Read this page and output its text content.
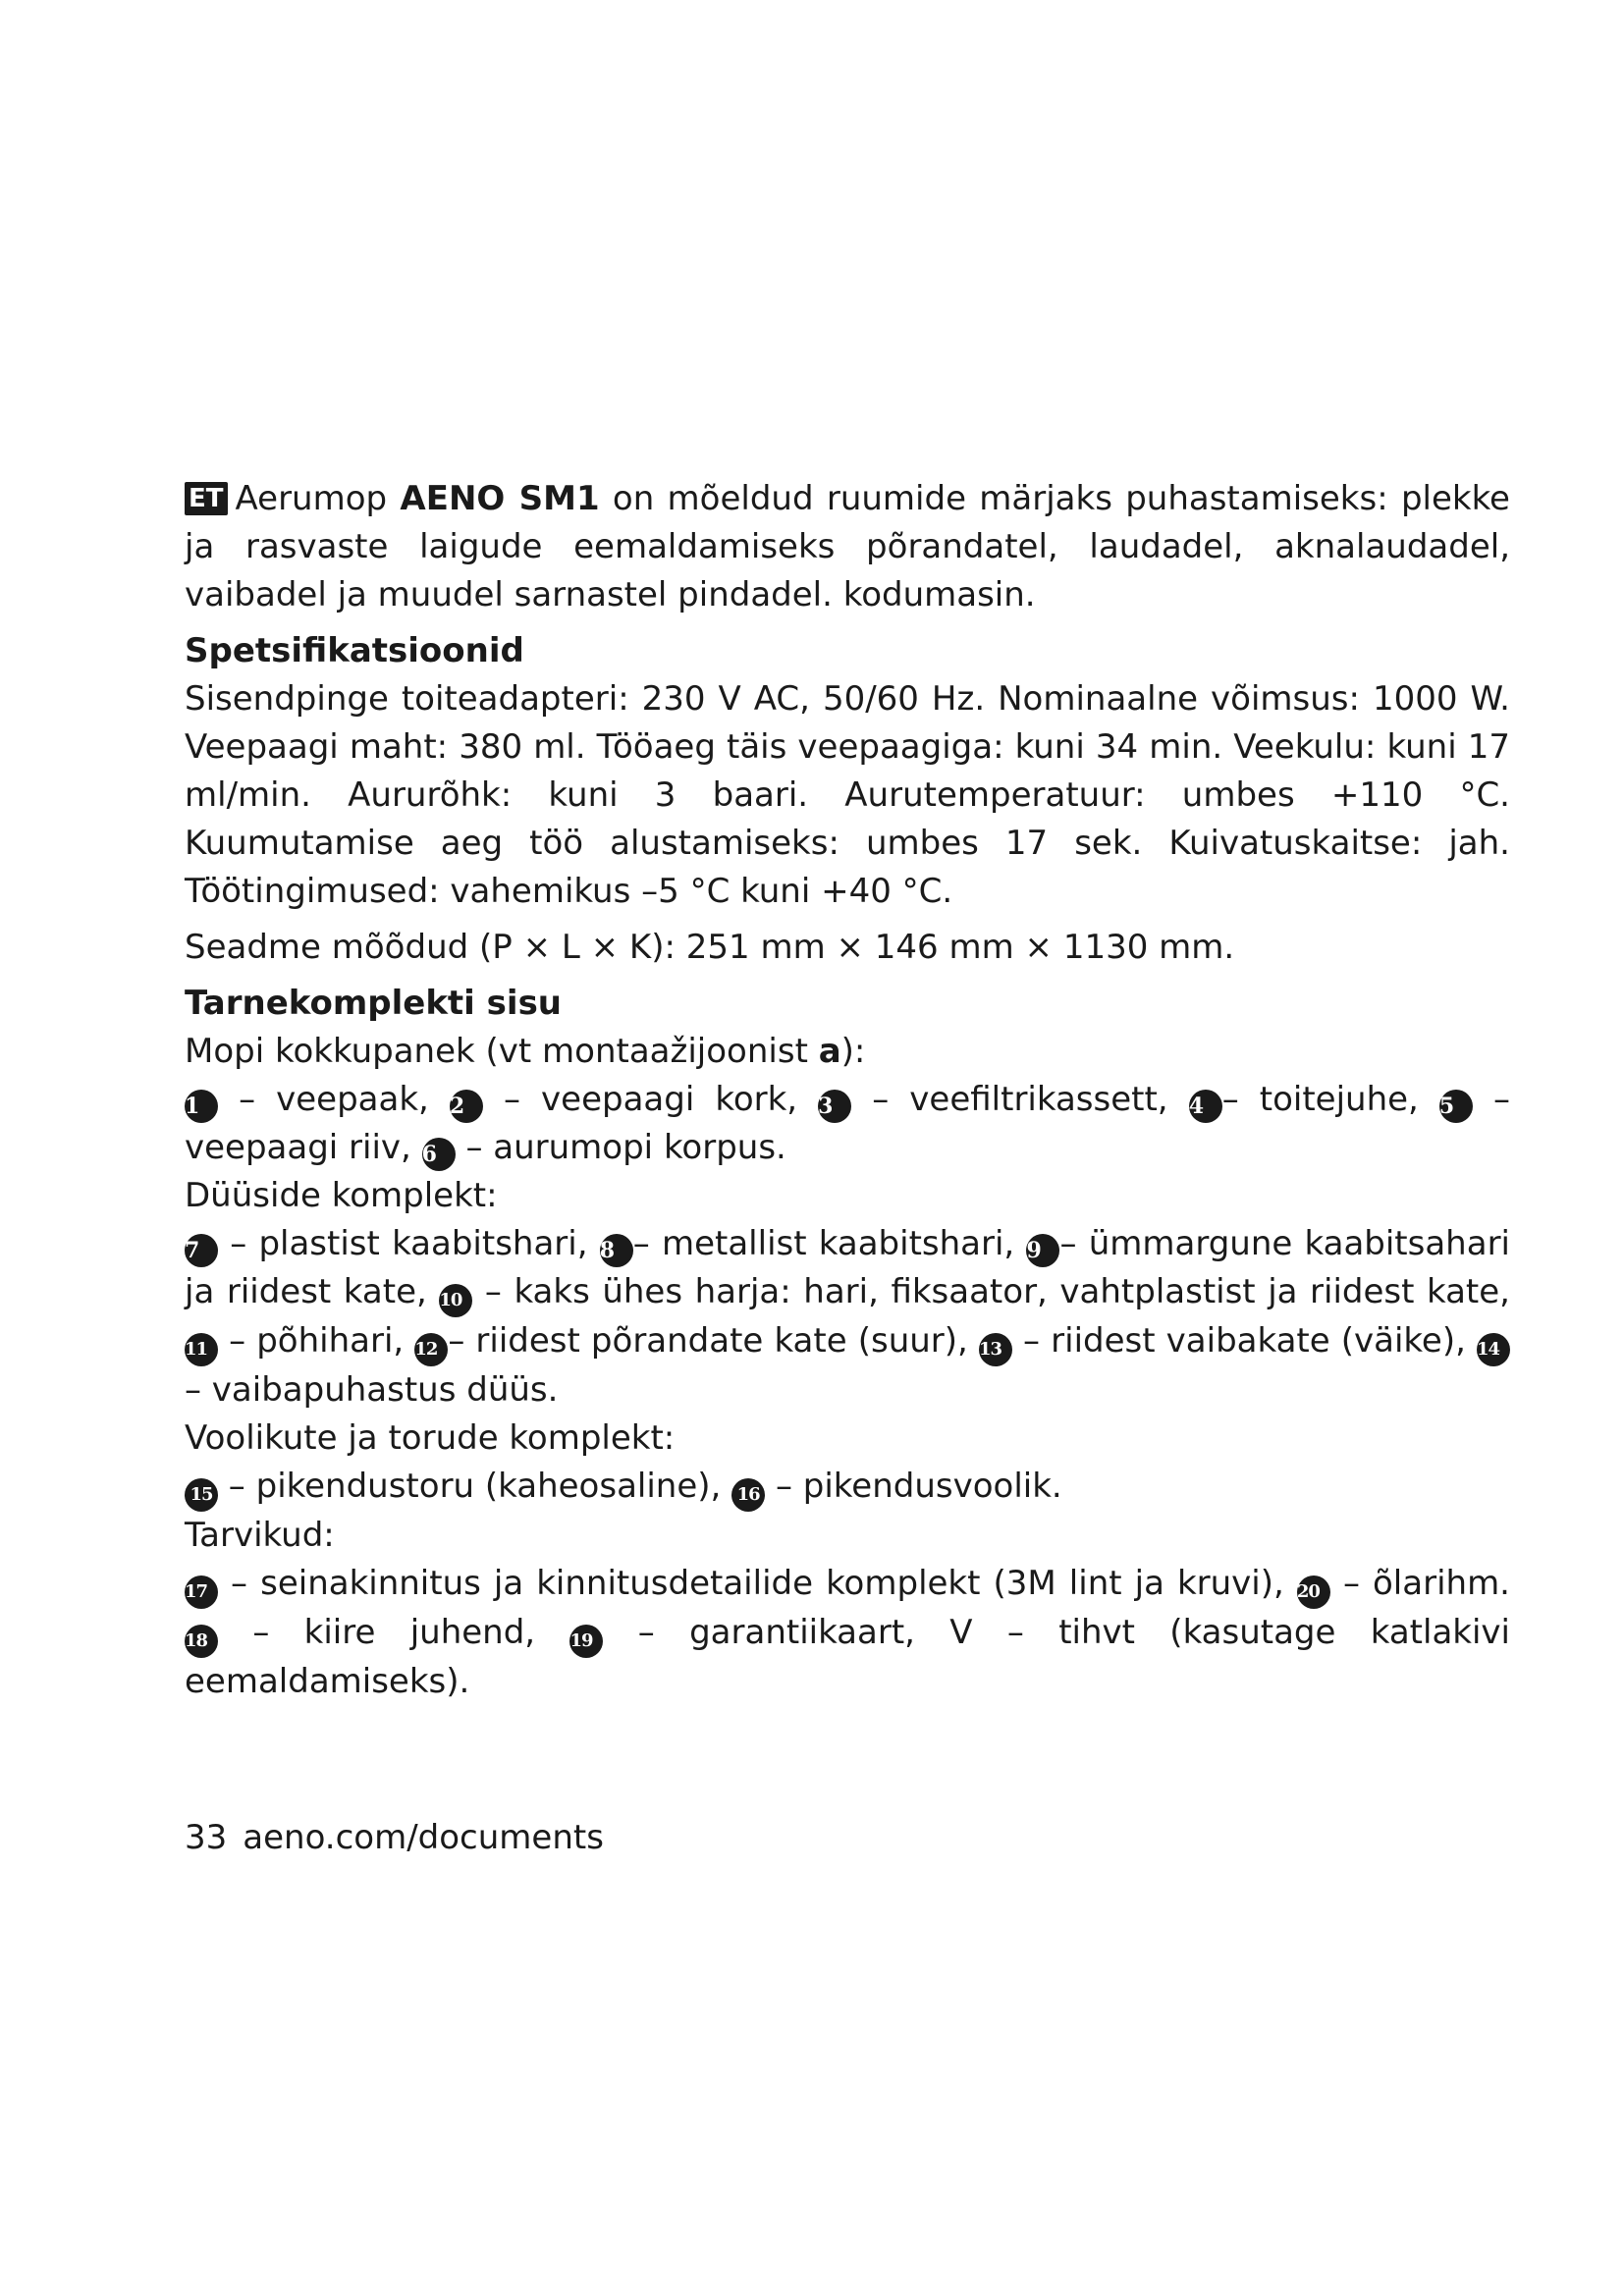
ET Aerumop AENO SM1 on mõeldud ruumide märjaks puhastamiseks: plekke ja rasvaste laigude eemaldamiseks põrandatel, laudadel, aknalaudadel, vaibadel ja muudel sarnastel pindadel. kodumasin.

Spetsifikatsioonid

Sisendpinge toiteadapteri: 230 V AC, 50/60 Hz. Nominaalne võimsus: 1000 W. Veepaagi maht: 380 ml. Tööaeg täis veepaagiga: kuni 34 min. Veekulu: kuni 17 ml/min. Aururõhk: kuni 3 baari. Aurutemperatuur: umbes +110 °C. Kuumutamise aeg töö alustamiseks: umbes 17 sek. Kuivatuskaitse: jah. Töötingimused: vahemikus –5 °C kuni +40 °C.

Seadme mõõdud (P × L × K): 251 mm × 146 mm × 1130 mm.

Tarnekomplekti sisu

Mopi kokkupanek (vt montaažijoonist a):

1 – veepaak, 2 – veepaagi kork, 3 – veefiltrikassett, 4 – toitejuhe, 5 – veepaagi riiv, 6 – aurumopi korpus.

Düüside komplekt:

7 – plastist kaabitshari, 8 – metallist kaabitshari, 9 – ümmargune kaabitsahari ja riidest kate, 10 – kaks ühes harja: hari, fiksaator, vahtplastist ja riidest kate, 11 – põhihari, 12 – riidest põrandate kate (suur), 13 – riidest vaibakate (väike), 14 – vaibapuhastus düüs.

Voolikute ja torude komplekt:

15 – pikendustoru (kaheosaline), 16 – pikendusvoolik.

Tarvikud:

17 – seinakinnitus ja kinnitusdetailide komplekt (3M lint ja kruvi), 20 – õlarihm. 18 – kiire juhend, 19 – garantiikaart, V – tihvt (kasutage katlakivi eemaldamiseks).

33 aeno.com/documents
